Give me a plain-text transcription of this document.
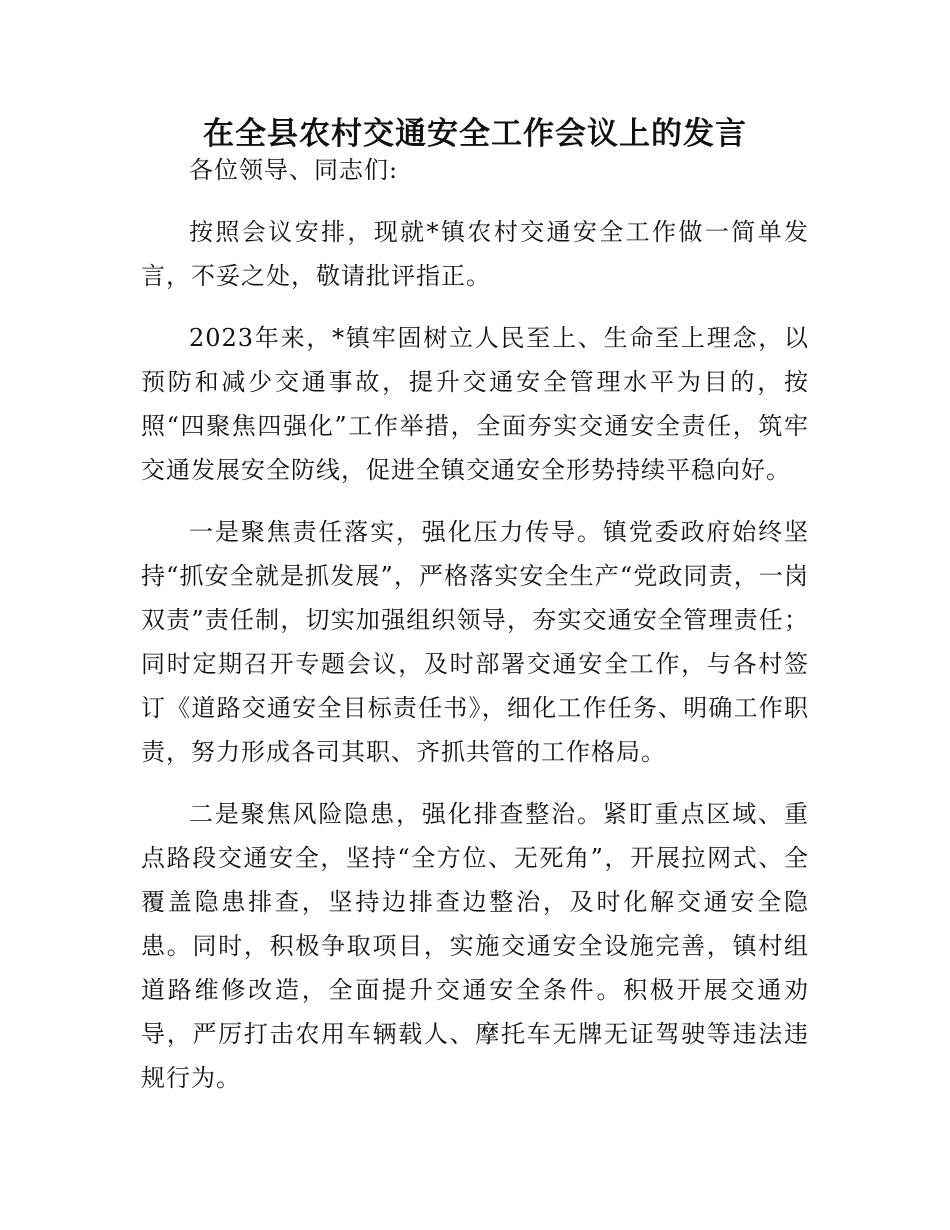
在全县农村交通安全工作会议上的发言

各位领导、同志们:

按照会议安排，现就*镇农村交通安全工作做一简单发言，不妥之处，敬请批评指正。

2023年来，*镇牢固树立人民至上、生命至上理念，以预防和减少交通事故，提升交通安全管理水平为目的，按照“四聚焦四强化”工作举措，全面夯实交通安全责任，筑牢交通发展安全防线，促进全镇交通安全形势持续平稳向好。

一是聚焦责任落实，强化压力传导。镇党委政府始终坚持“抓安全就是抓发展”，严格落实安全生产“党政同责，一岗双责”责任制，切实加强组织领导，夯实交通安全管理责任；同时定期召开专题会议，及时部署交通安全工作，与各村签订《道路交通安全目标责任书》，细化工作任务、明确工作职责，努力形成各司其职、齐抓共管的工作格局。

二是聚焦风险隐患，强化排查整治。紧盯重点区域、重点路段交通安全，坚持“全方位、无死角”，开展拉网式、全覆盖隐患排查，坚持边排查边整治，及时化解交通安全隐患。同时，积极争取项目，实施交通安全设施完善，镇村组道路维修改造，全面提升交通安全条件。积极开展交通劝导，严厉打击农用车辆载人、摩托车无牌无证驾驶等违法违规行为。
